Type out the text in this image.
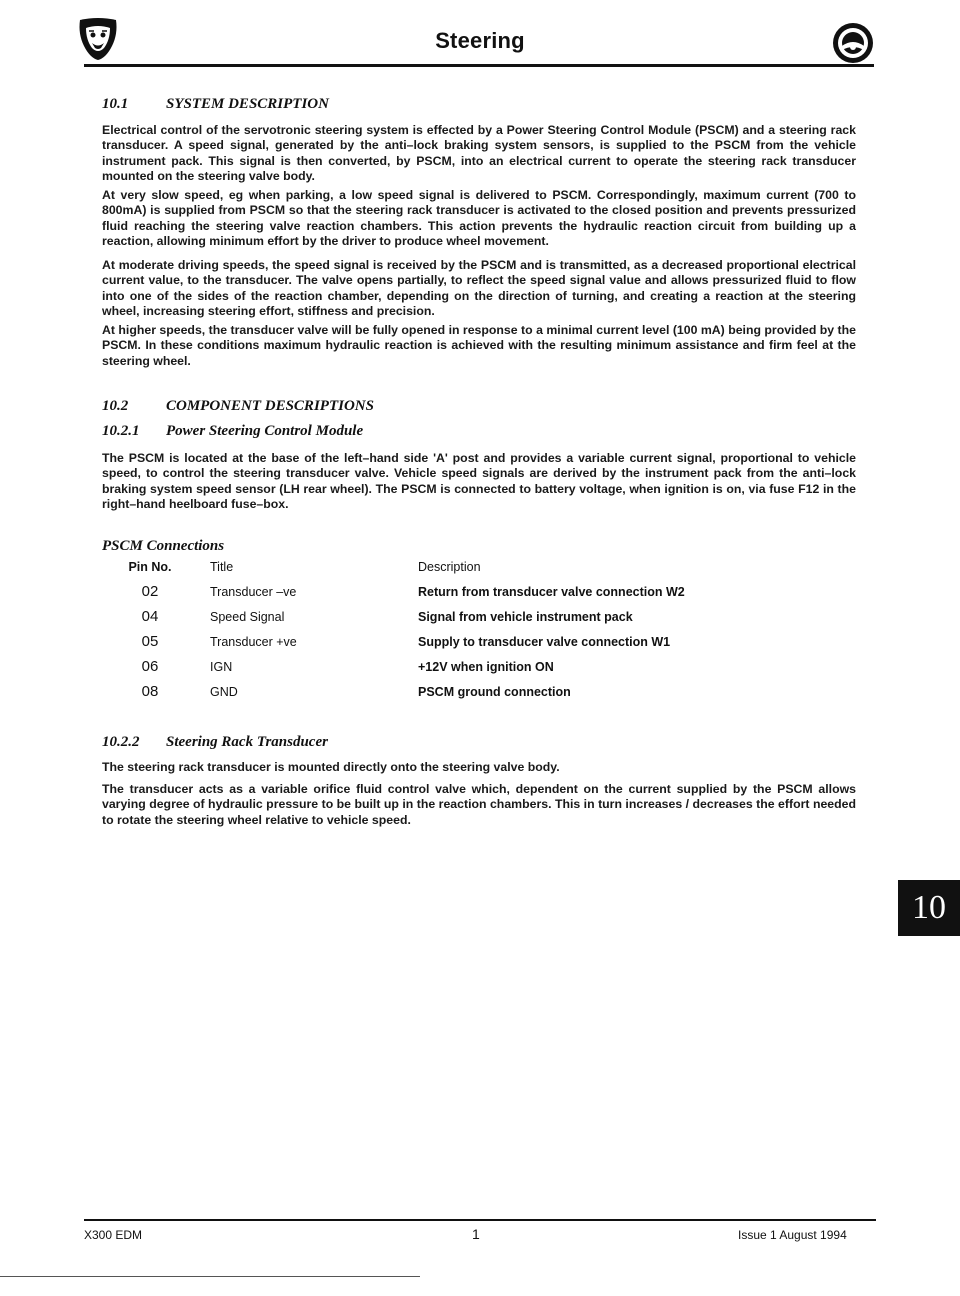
Steering
10.1	SYSTEM DESCRIPTION
Electrical control of the servotronic steering system is effected by a Power Steering Control Module (PSCM) and a steering rack transducer. A speed signal, generated by the anti–lock braking system sensors, is supplied to the PSCM from the vehicle instrument pack. This signal is then converted, by PSCM, into an electrical current to operate the steering rack transducer mounted on the steering valve body.
At very slow speed, eg when parking, a low speed signal is delivered to PSCM. Correspondingly, maximum current (700 to 800mA) is supplied from PSCM so that the steering rack transducer is activated to the closed position and prevents pressurized fluid reaching the steering valve reaction chambers. This action prevents the hydraulic reaction circuit from building up a reaction, allowing minimum effort by the driver to produce wheel movement.
At moderate driving speeds, the speed signal is received by the PSCM and is transmitted, as a decreased proportional electrical current value, to the transducer. The valve opens partially, to reflect the speed signal value and allows pressurized fluid to flow into one of the sides of the reaction chamber, depending on the direction of turning, and creating a reaction at the steering wheel, increasing steering effort, stiffness and precision.
At higher speeds, the transducer valve will be fully opened in response to a minimal current level (100 mA) being provided by the PSCM. In these conditions maximum hydraulic reaction is achieved with the resulting minimum assistance and firm feel at the steering wheel.
10.2	COMPONENT DESCRIPTIONS
10.2.1 Power Steering Control Module
The PSCM is located at the base of the left–hand side 'A' post and provides a variable current signal, proportional to vehicle speed, to control the steering transducer valve. Vehicle speed signals are derived by the instrument pack from the anti–lock braking system speed sensor (LH rear wheel). The PSCM is connected to battery voltage, when ignition is on, via fuse F12 in the right–hand heelboard fuse–box.
PSCM Connections
Pin No.	Title	Description
02	Transducer –ve	Return from transducer valve connection W2
04	Speed Signal	Signal from vehicle instrument pack
05	Transducer +ve	Supply to transducer valve connection W1
06	IGN	+12V when ignition ON
08	GND	PSCM ground connection
10.2.2 Steering Rack Transducer
The steering rack transducer is mounted directly onto the steering valve body.
The transducer acts as a variable orifice fluid control valve which, dependent on the current supplied by the PSCM allows varying degree of hydraulic pressure to be built up in the reaction chambers. This in turn increases / decreases the effort needed to rotate the steering wheel relative to vehicle speed.
10
X300 EDM	1	Issue 1 August 1994
